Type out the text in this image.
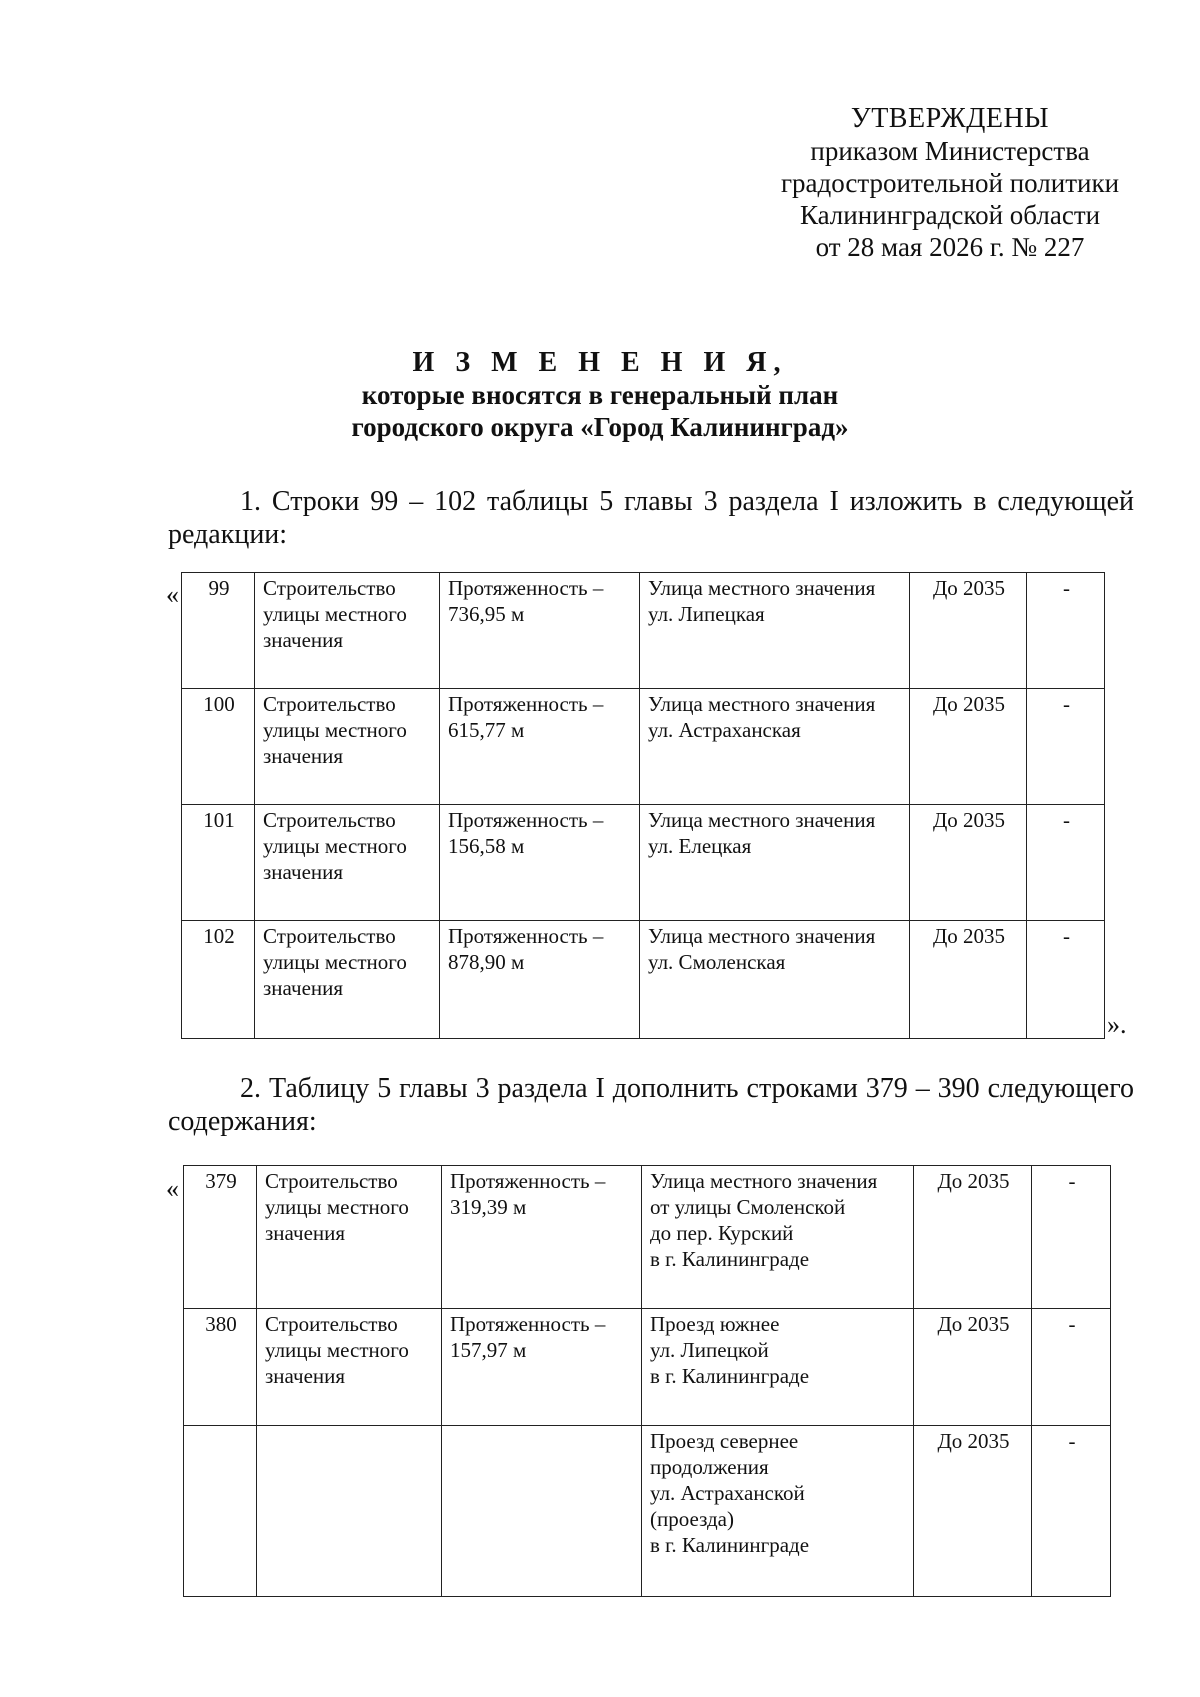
УТВЕРЖДЕНЫ
приказом Министерства
градостроительной политики
Калининградской области
от 28 мая 2026 г. № 227
И З М Е Н Е Н И Я,
которые вносятся в генеральный план
городского округа «Город Калининград»
1. Строки 99 – 102 таблицы 5 главы 3 раздела I изложить в следующей
редакции:
« 99	Строительство
улицы местного
значения	Протяженность –
736,95 м	Улица местного значения
ул. Липецкая	До 2035	-
100	Строительство
улицы местного
значения	Протяженность –
615,77 м	Улица местного значения
ул. Астраханская	До 2035	-
101	Строительство
улицы местного
значения	Протяженность –
156,58 м	Улица местного значения
ул. Елецкая	До 2035	-
102	Строительство
улицы местного
значения	Протяженность –
878,90 м	Улица местного значения
ул. Смоленская	До 2035	-
».
2. Таблицу 5 главы 3 раздела I дополнить строками 379 – 390 следующего
содержания:
« 379	Строительство
улицы местного
значения	Протяженность –
319,39 м	Улица местного значения
от улицы Смоленской
до пер. Курский
в г. Калининграде	До 2035	-
380	Строительство
улицы местного
значения	Протяженность –
157,97 м	Проезд южнее
ул. Липецкой
в г. Калининграде	До 2035	-

			Проезд севернее
продолжения
ул. Астраханской
(проезда)
в г. Калининграде	До 2035	-
